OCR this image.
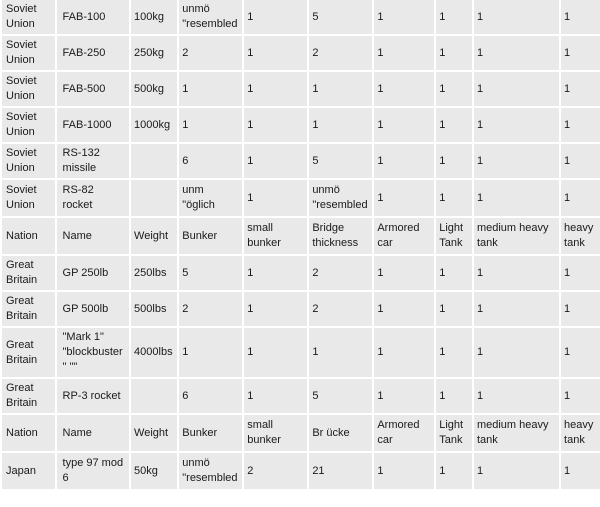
Soviet Union	FAB-100	100kg	unmö "resembled	1	5	1	1	1	1
Soviet Union	FAB-250	250kg	2	1	2	1	1	1	1
Soviet Union	FAB-500	500kg	1	1	1	1	1	1	1
Soviet Union	FAB-1000	1000kg	1	1	1	1	1	1	1
Soviet Union	RS-132 missile		6	1	5	1	1	1	1
Soviet Union	RS-82 rocket		unm "öglich	1	unmö "resembled	1	1	1	1
Nation	Name	Weight	Bunker	small bunker	Bridge thickness	Armored car	Light Tank	medium heavy tank	heavy tank
Great Britain	GP 250lb	250lbs	5	1	2	1	1	1	1
Great Britain	GP 500lb	500lbs	2	1	2	1	1	1	1
Great Britain	"Mark 1" "blockbuster" ""	4000lbs	1	1	1	1	1	1	1
Great Britain	RP-3 rocket		6	1	5	1	1	1	1
Nation	Name	Weight	Bunker	small bunker	Br ücke	Armored car	Light Tank	medium heavy tank	heavy tank
Japan	type 97 mod 6	50kg	unmö "resembled	2	21	1	1	1	1
